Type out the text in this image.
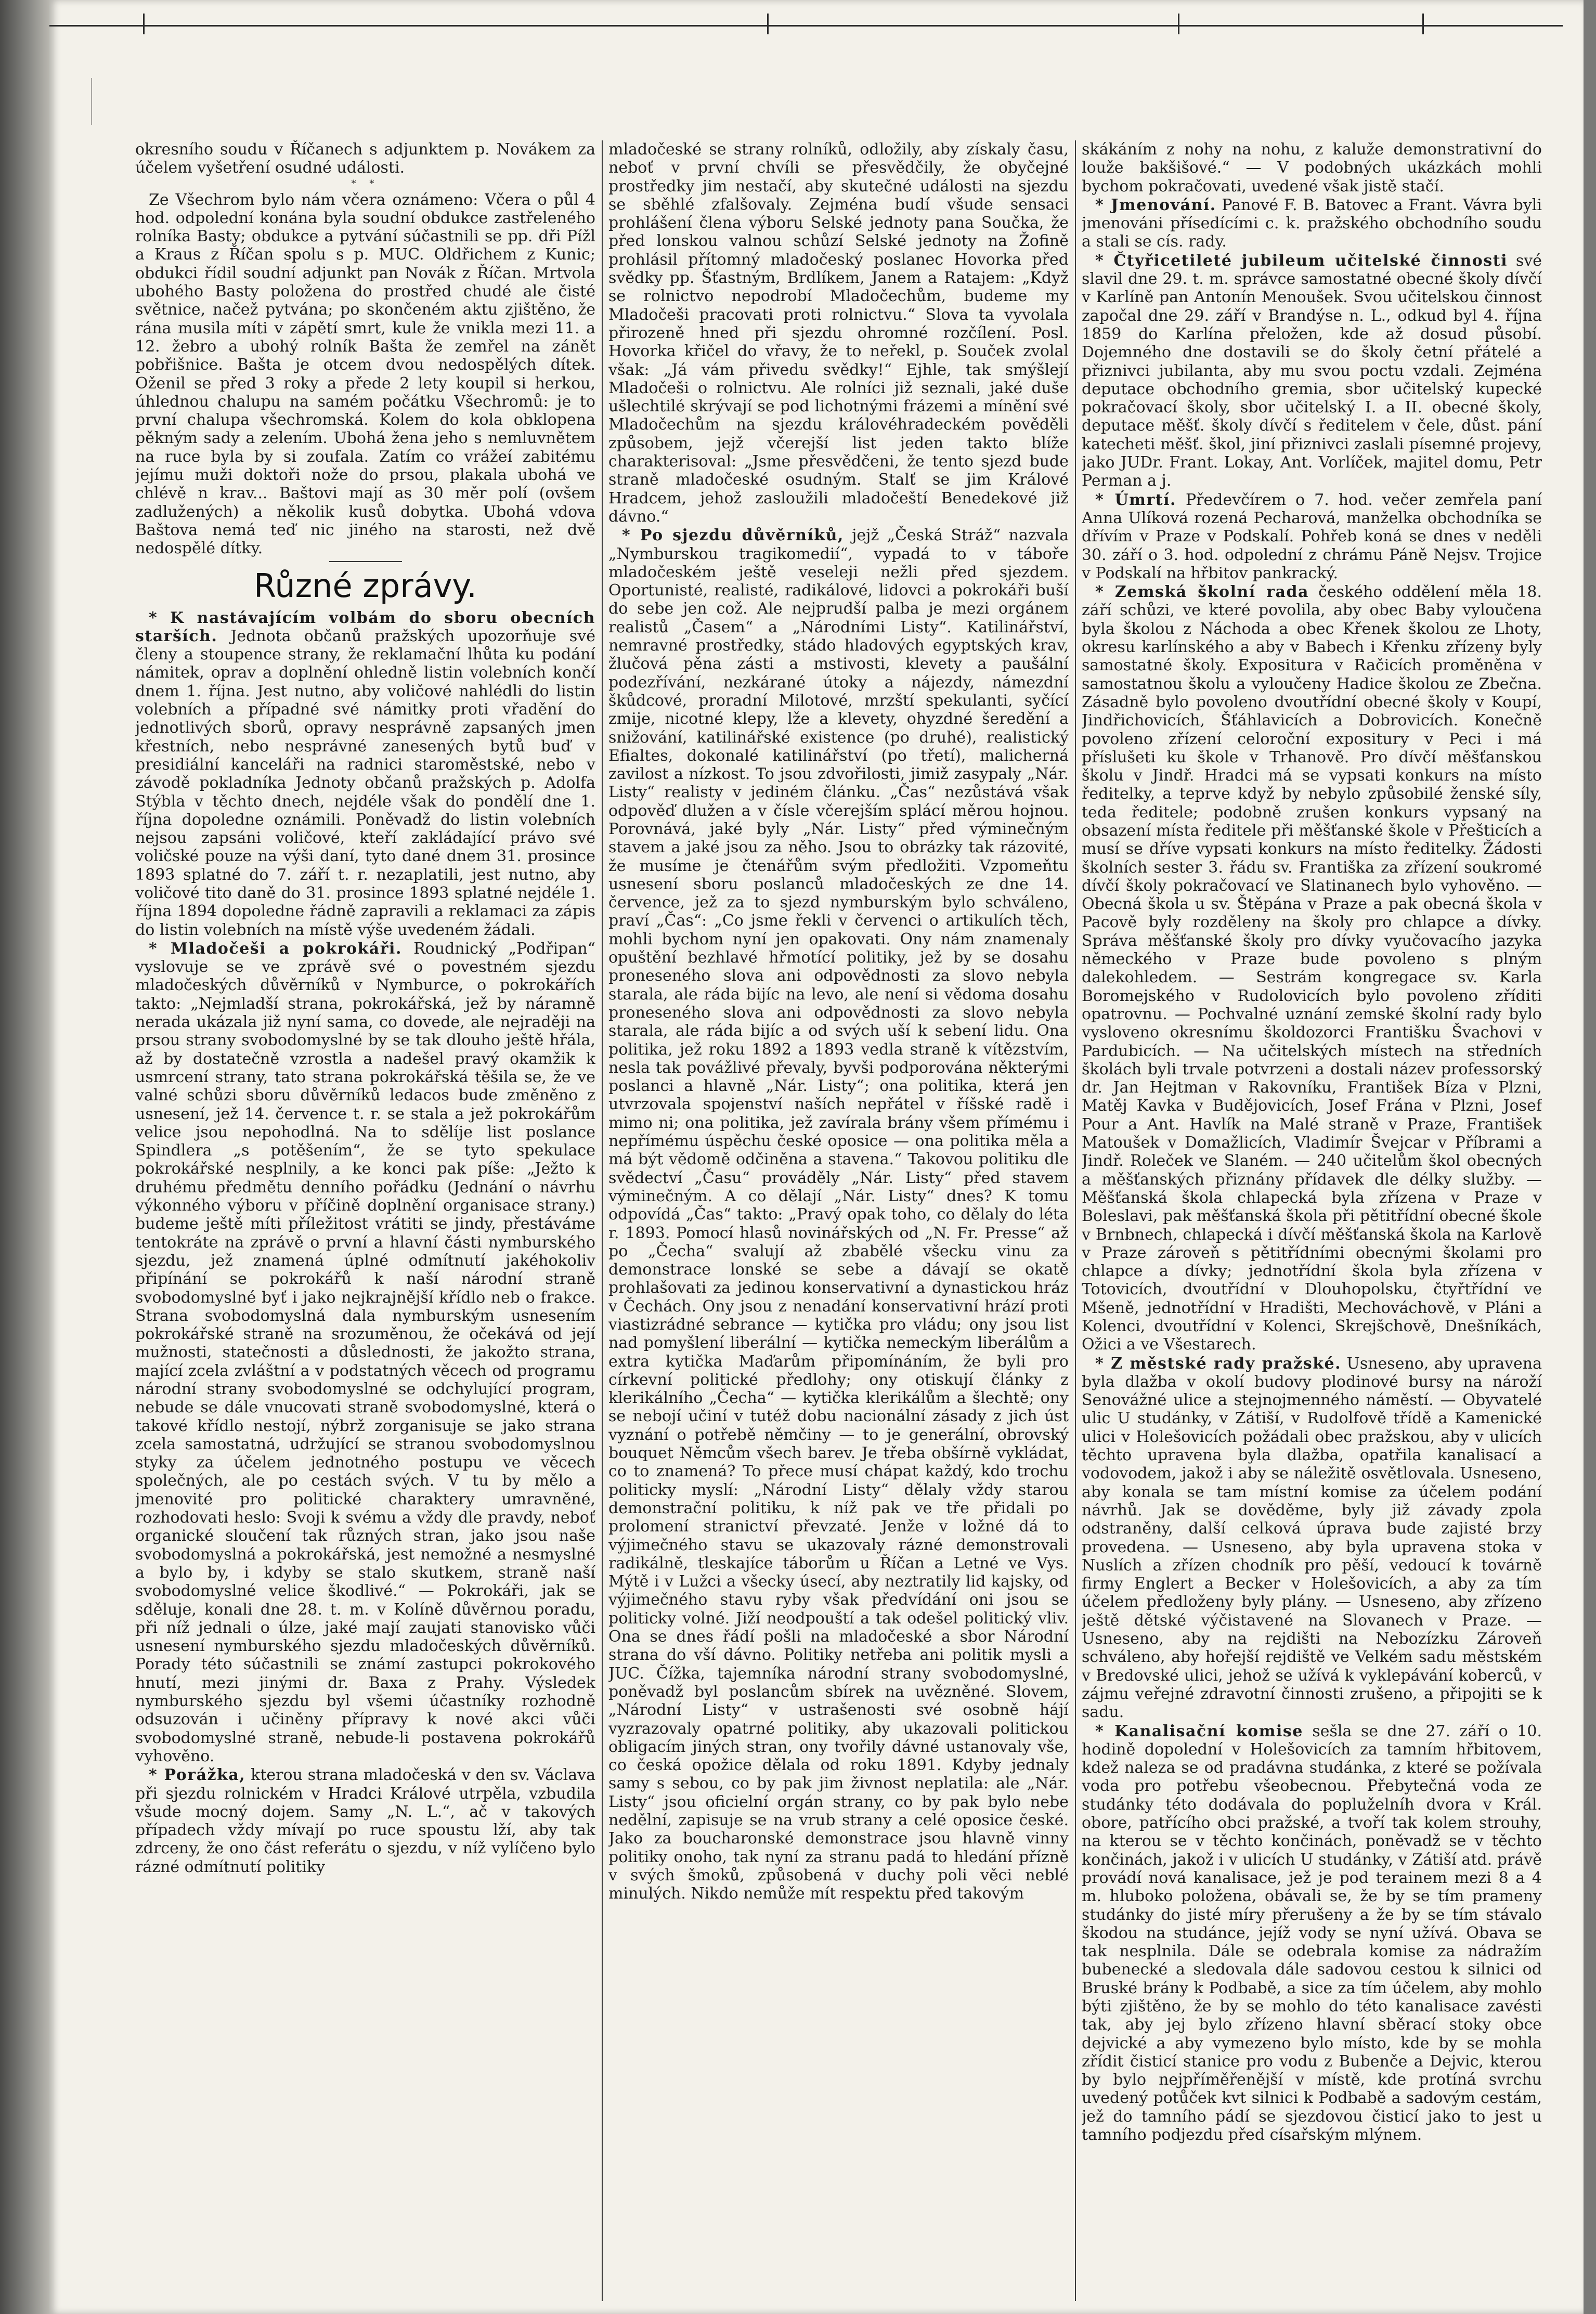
okresního soudu v Říčanech s adjunktem p. Novákem za účelem vyšetření osudné události.

* *

Ze Všechrom bylo nám včera oznámeno: Včera o půl 4 hod. odpolední konána byla soudní obdukce zastřeleného rolníka Basty; obdukce a pytvání súčastnili se pp. dři Pížl a Kraus z Říčan spolu s p. MUC. Oldřichem z Kunic; obdukci řídil soudní adjunkt pan Novák z Říčan. Mrtvola ubohého Basty položena do prostřed chudé ale čisté světnice, načež pytvána; po skončeném aktu zjištěno, že rána musila míti v zápětí smrt, kule že vnikla mezi 11. a 12. žebro a ubohý rolník Bašta že zemřel na zánět pobřišnice. Bašta je otcem dvou nedospělých dítek. Oženil se před 3 roky a přede 2 lety koupil si herkou, úhlednou chalupu na samém počátku Všechromů: je to první chalupa všechromská. Kolem do kola obklopena pěkným sady a zelením. Ubohá žena jeho s nemluvnětem na ruce byla by si zoufala. Zatím co vrážeí zabitému jejímu muži doktoři nože do prsou, plakala ubohá ve chlévě n krav... Baštovi mají as 30 měr polí (ovšem zadlužených) a několik kusů dobytka. Ubohá vdova Baštova nemá teď nic jiného na starosti, než dvě nedospělé dítky.

Různé zprávy.

* K nastávajícím volbám do sboru obecních starších. Jednota občanů pražských upozorňuje své členy a stoupence strany, že reklamační lhůta ku podání námitek, oprav a doplnění ohledně listin volebních končí dnem 1. října. Jest nutno, aby voličové nahlédli do listin volebních a případné své námitky proti vřadění do jednotlivých sborů, opravy nesprávně zapsaných jmen křestních, nebo nesprávné zanesených bytů buď v presidiální kanceláři na radnici staroměstské, nebo v závodě pokladníka Jednoty občanů pražských p. Adolfa Stýbla v těchto dnech, nejdéle však do pondělí dne 1. října dopoledne oznámili. Poněvadž do listin volebních nejsou zapsáni voličové, kteří zakládající právo své voličské pouze na výši daní, tyto dané dnem 31. prosince 1893 splatné do 7. září t. r. nezaplatili, jest nutno, aby voličové tito daně do 31. prosince 1893 splatné nejdéle 1. října 1894 dopoledne řádně zapravili a reklamaci za zápis do listin volebních na místě výše uvedeném žádali.

* Mladočeši a pokrokáři. Roudnický „Podřipan“ vyslovuje se ve zprávě své o povestném sjezdu mladočeských důvěrníků v Nymburce, o pokrokářích takto: „Nejmladší strana, pokrokářská, jež by náramně nerada ukázala již nyní sama, co dovede, ale nejraději na prsou strany svobodomyslné by se tak dlouho ještě hřála, až by dostatečně vzrostla a nadešel pravý okamžik k usmrcení strany, tato strana pokrokářská těšila se, že ve valné schůzi sboru důvěrníků ledacos bude změněno z usnesení, jež 14. července t. r. se stala a jež pokrokářům velice jsou nepohodlná. Na to sdělíje list poslance Spindlera „s potěšením“, že se tyto spekulace pokrokářské nesplnily, a ke konci pak píše: „Ježto k druhému předmětu denního pořádku (Jednání o návrhu výkonného výboru v příčině doplnění organisace strany.) budeme ještě míti příležitost vrátiti se jindy, přestáváme tentokráte na zprávě o první a hlavní části nymburského sjezdu, jež znamená úplné odmítnutí jakéhokoliv připínání se pokrokářů k naší národní straně svobodomyslné byť i jako nejkrajnější křídlo neb o frakce. Strana svobodomyslná dala nymburským usnesením pokrokářské straně na srozuměnou, že očekává od její mužnosti, statečnosti a důslednosti, že jakožto strana, mající zcela zvláštní a v podstatných věcech od programu národní strany svobodomyslné se odchylující program, nebude se dále vnucovati straně svobodomyslné, která o takové křídlo nestojí, nýbrž zorganisuje se jako strana zcela samostatná, udržující se stranou svobodomyslnou styky za účelem jednotného postupu ve věcech společných, ale po cestách svých. V tu by mělo a jmenovité pro politické charaktery umravněné, rozhodovati heslo: Svoji k svému a vždy dle pravdy, neboť organické sloučení tak různých stran, jako jsou naše svobodomyslná a pokrokářská, jest nemožné a nesmyslné a bylo by, i kdyby se stalo skutkem, straně naší svobodomyslné velice škodlivé.“ — Pokrokáři, jak se sděluje, konali dne 28. t. m. v Kolíně důvěrnou poradu, při níž jednali o úlze, jaké mají zaujati stanovisko vůči usnesení nymburského sjezdu mladočeských důvěrníků. Porady této súčastnili se známí zastupci pokrokového hnutí, mezi jinými dr. Baxa z Prahy. Výsledek nymburského sjezdu byl všemi účastníky rozhodně odsuzován i učiněny přípravy k nové akci vůči svobodomyslné straně, nebude-li postavena pokrokářů vyhověno.

* Porážka, kterou strana mladočeská v den sv. Václava při sjezdu rolnickém v Hradci Králové utrpěla, vzbudila všude mocný dojem. Samy „N. L.“, ač v takových případech vždy mívají po ruce spoustu lží, aby tak zdrceny, že ono část referátu o sjezdu, v níž vylíčeno bylo rázné odmítnutí politiky

mladočeské se strany rolníků, odložily, aby získaly času, neboť v první chvíli se přesvědčily, že obyčejné prostředky jim nestačí, aby skutečné události na sjezdu se sběhlé zfalšovaly. Zejména budí všude sensaci prohlášení člena výboru Selské jednoty pana Součka, že před lonskou valnou schůzí Selské jednoty na Žofině prohlásil přítomný mladočeský poslanec Hovorka před svědky pp. Šťastným, Brdlíkem, Janem a Ratajem: „Když se rolnictvo nepodrobí Mladočechům, budeme my Mladočeši pracovati proti rolnictvu.“ Slova ta vyvolala přirozeně hned při sjezdu ohromné rozčílení. Posl. Hovorka křičel do vřavy, že to neřekl, p. Souček zvolal však: „Já vám přivedu svědky!“ Ejhle, tak smýšlejí Mladočeši o rolnictvu. Ale rolníci již seznali, jaké duše ušlechtilé skrývají se pod lichotnými frázemi a mínění své Mladočechům na sjezdu královéhradeckém pověděli způsobem, jejž včerejší list jeden takto blíže charakterisoval: „Jsme přesvědčeni, že tento sjezd bude straně mladočeské osudným. Stalť se jim Králové Hradcem, jehož zasloužili mladočeští Benedekové již dávno.“

* Po sjezdu důvěrníků, jejž „Česká Stráž“ nazvala „Nymburskou tragikomedií“, vypadá to v táboře mladočeském ještě veseleji nežli před sjezdem. Oportunisté, realisté, radikálové, lidovci a pokrokáři buší do sebe jen což. Ale nejprudší palba je mezi orgánem realistů „Časem“ a „Národními Listy“. Katilinářství, nemravné prostředky, stádo hladových egyptských krav, žlučová pěna zásti a mstivosti, klevety a paušální podezřívání, nezkárané útoky a nájezdy, námezdní škůdcové, proradní Milotové, mrzští spekulanti, syčící zmije, nicotné klepy, lže a klevety, ohyzdné šeredění a snižování, katilinářské existence (po druhé), realistický Efialtes, dokonalé katilinářství (po třetí), malicherná zavilost a nízkost. To jsou zdvořilosti, jimiž zasypaly „Nár. Listy“ realisty v jediném článku. „Čas“ nezůstává však odpověď dlužen a v čísle včerejším splácí měrou hojnou. Porovnává, jaké byly „Nár. Listy“ před výminečným stavem a jaké jsou za něho. Jsou to obrázky tak rázovité, že musíme je čtenářům svým předložiti. Vzpomeňtu usnesení sboru poslanců mladočeských ze dne 14. července, jež za to sjezd nymburským bylo schváleno, praví „Čas“: „Co jsme řekli v červenci o artikulích těch, mohli bychom nyní jen opakovati. Ony nám znamenaly opuštění bezhlavé hřmotící politiky, jež by se dosahu proneseného slova ani odpovědnosti za slovo nebyla starala, ale ráda bijíc na levo, ale není si vědoma dosahu proneseného slova ani odpovědnosti za slovo nebyla starala, ale ráda bijíc a od svých uší k sebení lidu. Ona politika, jež roku 1892 a 1893 vedla straně k vítězstvím, nesla tak povážlivé převaly, byvši podporována některými poslanci a hlavně „Nár. Listy“; ona politika, která jen utvrzovala spojenství naších nepřátel v říšské radě i mimo ni; ona politika, jež zavírala brány všem přímému i nepřímému úspěchu české oposice — ona politika měla a má být vědomě odčiněna a stavena.“ Takovou politiku dle svědectví „Času“ prováděly „Nár. Listy“ před stavem výminečným. A co dělají „Nár. Listy“ dnes? K tomu odpovídá „Čas“ takto: „Pravý opak toho, co dělaly do léta r. 1893. Pomocí hlasů novinářských od „N. Fr. Presse“ až po „Čecha“ svalují až zbabělé všecku vinu za demonstrace lonské se sebe a dávají se okatě prohlašovati za jedinou konservativní a dynastickou hráz v Čechách. Ony jsou z nenadání konservativní hrází proti viastizrádné sebrance — kytička pro vládu; ony jsou list nad pomyšlení liberální — kytička nemeckým liberálům a extra kytička Maďarům připomínáním, že byli pro církevní politické předlohy; ony otiskují články z klerikálního „Čecha“ — kytička klerikálům a šlechtě; ony se nebojí učiní v tutéž dobu nacionální zásady z jich úst vyznání o potřebě němčiny — to je generální, obrovský bouquet Němcům všech barev. Je třeba obšírně vykládat, co to znamená? To přece musí chápat každý, kdo trochu politicky myslí: „Národní Listy“ dělaly vždy starou demonstrační politiku, k níž pak ve tře přidali po prolomení stranictví převzaté. Jenže v ložné dá to výjimečného stavu se ukazovaly rázné demonstrovali radikálně, tleskajíce táborům u Říčan a Letné ve Vys. Mýtě i v Lužci a všecky úsecí, aby neztratily lid kajsky, od výjimečného stavu ryby však předvídání oni jsou se politicky volné. Jiží neodpouští a tak odešel politický vliv. Ona se dnes řádí pošli na mladočeské a sbor Národní strana do vší dávno. Politiky netřeba ani politik mysli a JUC. Čížka, tajemníka národní strany svobodomyslné, poněvadž byl poslancům sbírek na uvězněné. Slovem, „Národní Listy“ v ustrašenosti své osobně hájí vyzrazovaly opatrné politiky, aby ukazovali politickou obligacím jiných stran, ony tvořily dávné ustanovaly vše, co česká opožice dělala od roku 1891. Kdyby jednaly samy s sebou, co by pak jim živnost neplatila: ale „Nár. Listy“ jsou oficielní orgán strany, co by pak bylo nebe nedělní, zapisuje se na vrub strany a celé oposice české. Jako za boucharonské demonstrace jsou hlavně vinny politiky onoho, tak nyní za stranu padá to hledání přízně v svých šmoků, způsobená v duchy poli věci neblé minulých. Nikdo nemůže mít respektu před takovým

skákáním z nohy na nohu, z kaluže demonstrativní do louže bakšišové.“ — V podobných ukázkách mohli bychom pokračovati, uvedené však jistě stačí.

* Jmenování. Panové F. B. Batovec a Frant. Vávra byli jmenováni přísedícími c. k. pražského obchodního soudu a stali se cís. rady.

* Čtyřicetileté jubileum učitelské činnosti své slavil dne 29. t. m. správce samostatné obecné školy dívčí v Karlíně pan Antonín Menoušek. Svou učitelskou činnost započal dne 29. září v Brandýse n. L., odkud byl 4. října 1859 do Karlína přeložen, kde až dosud působí. Dojemného dne dostavili se do školy četní přátelé a přiznivci jubilanta, aby mu svou poctu vzdali. Zejména deputace obchodního gremia, sbor učitelský kupecké pokračovací školy, sbor učitelský I. a II. obecné školy, deputace měšť. školy dívčí s ředitelem v čele, důst. pání katecheti měšť. škol, jiní přiznivci zaslali písemné projevy, jako JUDr. Frant. Lokay, Ant. Vorlíček, majitel domu, Petr Perman a j.

* Úmrtí. Předevčírem o 7. hod. večer zemřela paní Anna Ulíková rozená Pecharová, manželka obchodníka se dřívím v Praze v Podskalí. Pohřeb koná se dnes v neděli 30. září o 3. hod. odpolední z chrámu Páně Nejsv. Trojice v Podskalí na hřbitov pankracký.

* Zemská školní rada českého oddělení měla 18. září schůzi, ve které povolila, aby obec Baby vyloučena byla školou z Náchoda a obec Křenek školou ze Lhoty, okresu karlínského a aby v Babech i Křenku zřízeny byly samostatné školy. Expositura v Račicích proměněna v samostatnou školu a vyloučeny Hadice školou ze Zbečna. Zásadně bylo povoleno dvoutřídní obecné školy v Koupí, Jindřichovicích, Šťáhlavicích a Dobrovicích. Konečně povoleno zřízení celoroční expositury v Peci i má příslušeti ku škole v Trhanově. Pro dívčí měšťanskou školu v Jindř. Hradci má se vypsati konkurs na místo ředitelky, a teprve když by nebylo způsobilé ženské síly, teda ředitele; podobně zrušen konkurs vypsaný na obsazení místa ředitele při měšťanské škole v Přešticích a musí se dříve vypsati konkurs na místo ředitelky. Žádosti školních sester 3. řádu sv. Františka za zřízení soukromé dívčí školy pokračovací ve Slatinanech bylo vyhověno. — Obecná škola u sv. Štěpána v Praze a pak obecná škola v Pacově byly rozděleny na školy pro chlapce a dívky. Správa měšťanské školy pro dívky vyučovacího jazyka německého v Praze bude povoleno s plným dalekohledem. — Sestrám kongregace sv. Karla Boromejského v Rudolovicích bylo povoleno zříditi opatrovnu. — Pochvalné uznání zemské školní rady bylo vysloveno okresnímu školdozorci Františku Švachovi v Pardubicích. — Na učitelských místech na středních školách byli trvale potvrzeni a dostali název professorský dr. Jan Hejtman v Rakovníku, František Bíza v Plzni, Matěj Kavka v Budějovicích, Josef Frána v Plzni, Josef Pour a Ant. Havlík na Malé straně v Praze, František Matoušek v Domažlicích, Vladimír Švejcar v Příbrami a Jindř. Roleček ve Slaném. — 240 učitelům škol obecných a měšťanských přiznány přídavek dle délky služby. — Měšťanská škola chlapecká byla zřízena v Praze v Boleslavi, pak měšťanská škola při pětitřídní obecné škole v Brnbnech, chlapecká i dívčí měšťanská škola na Karlově v Praze zároveň s pětitřídními obecnými školami pro chlapce a dívky; jednotřídní škola byla zřízena v Totovicích, dvoutřídní v Dlouhopolsku, čtyřtřídní ve Mšeně, jednotřídní v Hradišti, Mechováchově, v Pláni a Kolenci, dvoutřídní v Kolenci, Skrejšchově, Dnešníkách, Ožici a ve Všestarech.

* Z městské rady pražské. Usneseno, aby upravena byla dlažba v okolí budovy plodinové bursy na nároží Senovážné ulice a stejnojmenného náměstí. — Obyvatelé ulic U studánky, v Zátiší, v Rudolfově třídě a Kamenické ulici v Holešovicích požádali obec pražskou, aby v ulicích těchto upravena byla dlažba, opatřila kanalisací a vodovodem, jakož i aby se náležitě osvětlovala. Usneseno, aby konala se tam místní komise za účelem podání návrhů. Jak se dověděme, byly již závady zpola odstraněny, další celková úprava bude zajisté brzy provedena. — Usneseno, aby byla upravena stoka v Nuslích a zřízen chodník pro pěší, vedoucí k továrně firmy Englert a Becker v Holešovicích, a aby za tím účelem předloženy byly plány. — Usneseno, aby zřízeno ještě dětské výčistavené na Slovanech v Praze. — Usneseno, aby na rejdišti na Nebozízku Zároveň schváleno, aby hořejší rejdiště ve Velkém sadu městském v Bredovské ulici, jehož se užívá k vyklepávání koberců, v zájmu veřejné zdravotní činnosti zrušeno, a připojiti se k sadu.

* Kanalisační komise sešla se dne 27. září o 10. hodině dopolední v Holešovicích za tamním hřbitovem, kdež naleza se od pradávna studánka, z které se požívala voda pro potřebu všeobecnou. Přebytečná voda ze studánky této dodávala do popluželníh dvora v Král. obore, patřícího obci pražské, a tvoří tak kolem strouhy, na kterou se v těchto končinách, poněvadž se v těchto končinách, jakož i v ulicích U studánky, v Zátiší atd. právě provádí nová kanalisace, jež je pod terainem mezi 8 a 4 m. hluboko položena, obávali se, že by se tím prameny studánky do jisté míry přerušeny a že by se tím stávalo škodou na studánce, jejíž vody se nyní užívá. Obava se tak nesplnila. Dále se odebrala komise za nádražím bubenecké a sledovala dále sadovou cestou k silnici od Bruské brány k Podbabě, a sice za tím účelem, aby mohlo býti zjištěno, že by se mohlo do této kanalisace zavésti tak, aby jej bylo zřízeno hlavní sběrací stoky obce dejvické a aby vymezeno bylo místo, kde by se mohla zřídit čisticí stanice pro vodu z Bubenče a Dejvic, kterou by bylo nejpříměřenější v místě, kde protíná svrchu uvedený potůček kvt silnici k Podbabě a sadovým cestám, jež do tamního pádí se sjezdovou čisticí jako to jest u tamního podjezdu před císařským mlýnem.
